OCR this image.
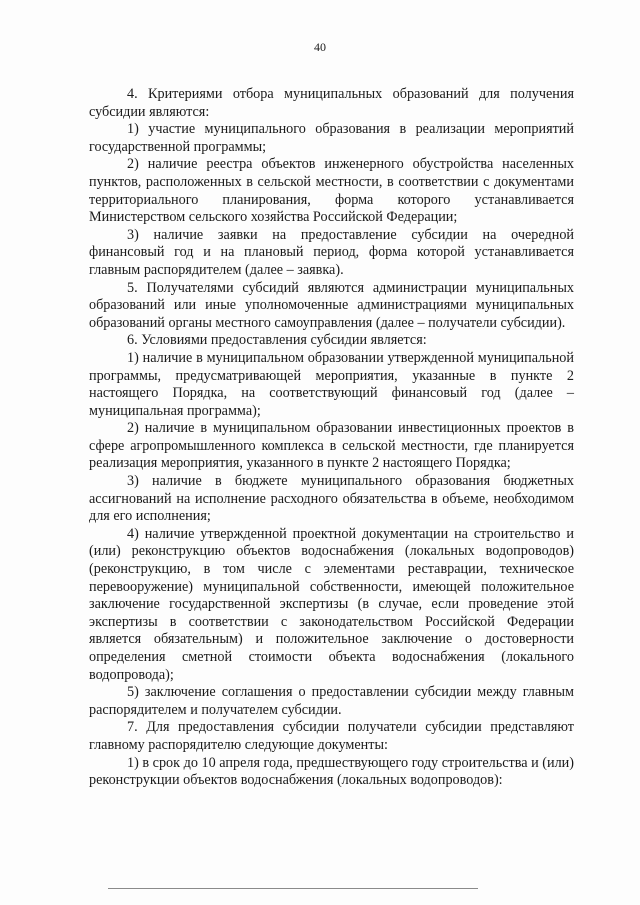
40

4. Критериями отбора муниципальных образований для получения субсидии являются:

1) участие муниципального образования в реализации мероприятий государственной программы;

2) наличие реестра объектов инженерного обустройства населенных пунктов, расположенных в сельской местности, в соответствии с документами территориального планирования, форма которого устанавливается Министерством сельского хозяйства Российской Федерации;

3) наличие заявки на предоставление субсидии на очередной финансовый год и на плановый период, форма которой устанавливается главным распорядителем (далее – заявка).

5. Получателями субсидий являются администрации муниципальных образований или иные уполномоченные администрациями муниципальных образований органы местного самоуправления (далее – получатели субсидии).

6. Условиями предоставления субсидии является:

1) наличие в муниципальном образовании утвержденной муниципальной программы, предусматривающей мероприятия, указанные в пункте 2 настоящего Порядка, на соответствующий финансовый год (далее – муниципальная программа);

2) наличие в муниципальном образовании инвестиционных проектов в сфере агропромышленного комплекса в сельской местности, где планируется реализация мероприятия, указанного в пункте 2 настоящего Порядка;

3) наличие в бюджете муниципального образования бюджетных ассигнований на исполнение расходного обязательства в объеме, необходимом для его исполнения;

4) наличие утвержденной проектной документации на строительство и (или) реконструкцию объектов водоснабжения (локальных водопроводов) (реконструкцию, в том числе с элементами реставрации, техническое перевооружение) муниципальной собственности, имеющей положительное заключение государственной экспертизы (в случае, если проведение этой экспертизы в соответствии с законодательством Российской Федерации является обязательным) и положительное заключение о достоверности определения сметной стоимости объекта водоснабжения (локального водопровода);

5) заключение соглашения о предоставлении субсидии между главным распорядителем и получателем субсидии.

7. Для предоставления субсидии получатели субсидии представляют главному распорядителю следующие документы:

1) в срок до 10 апреля года, предшествующего году строительства и (или) реконструкции объектов водоснабжения (локальных водопроводов):
